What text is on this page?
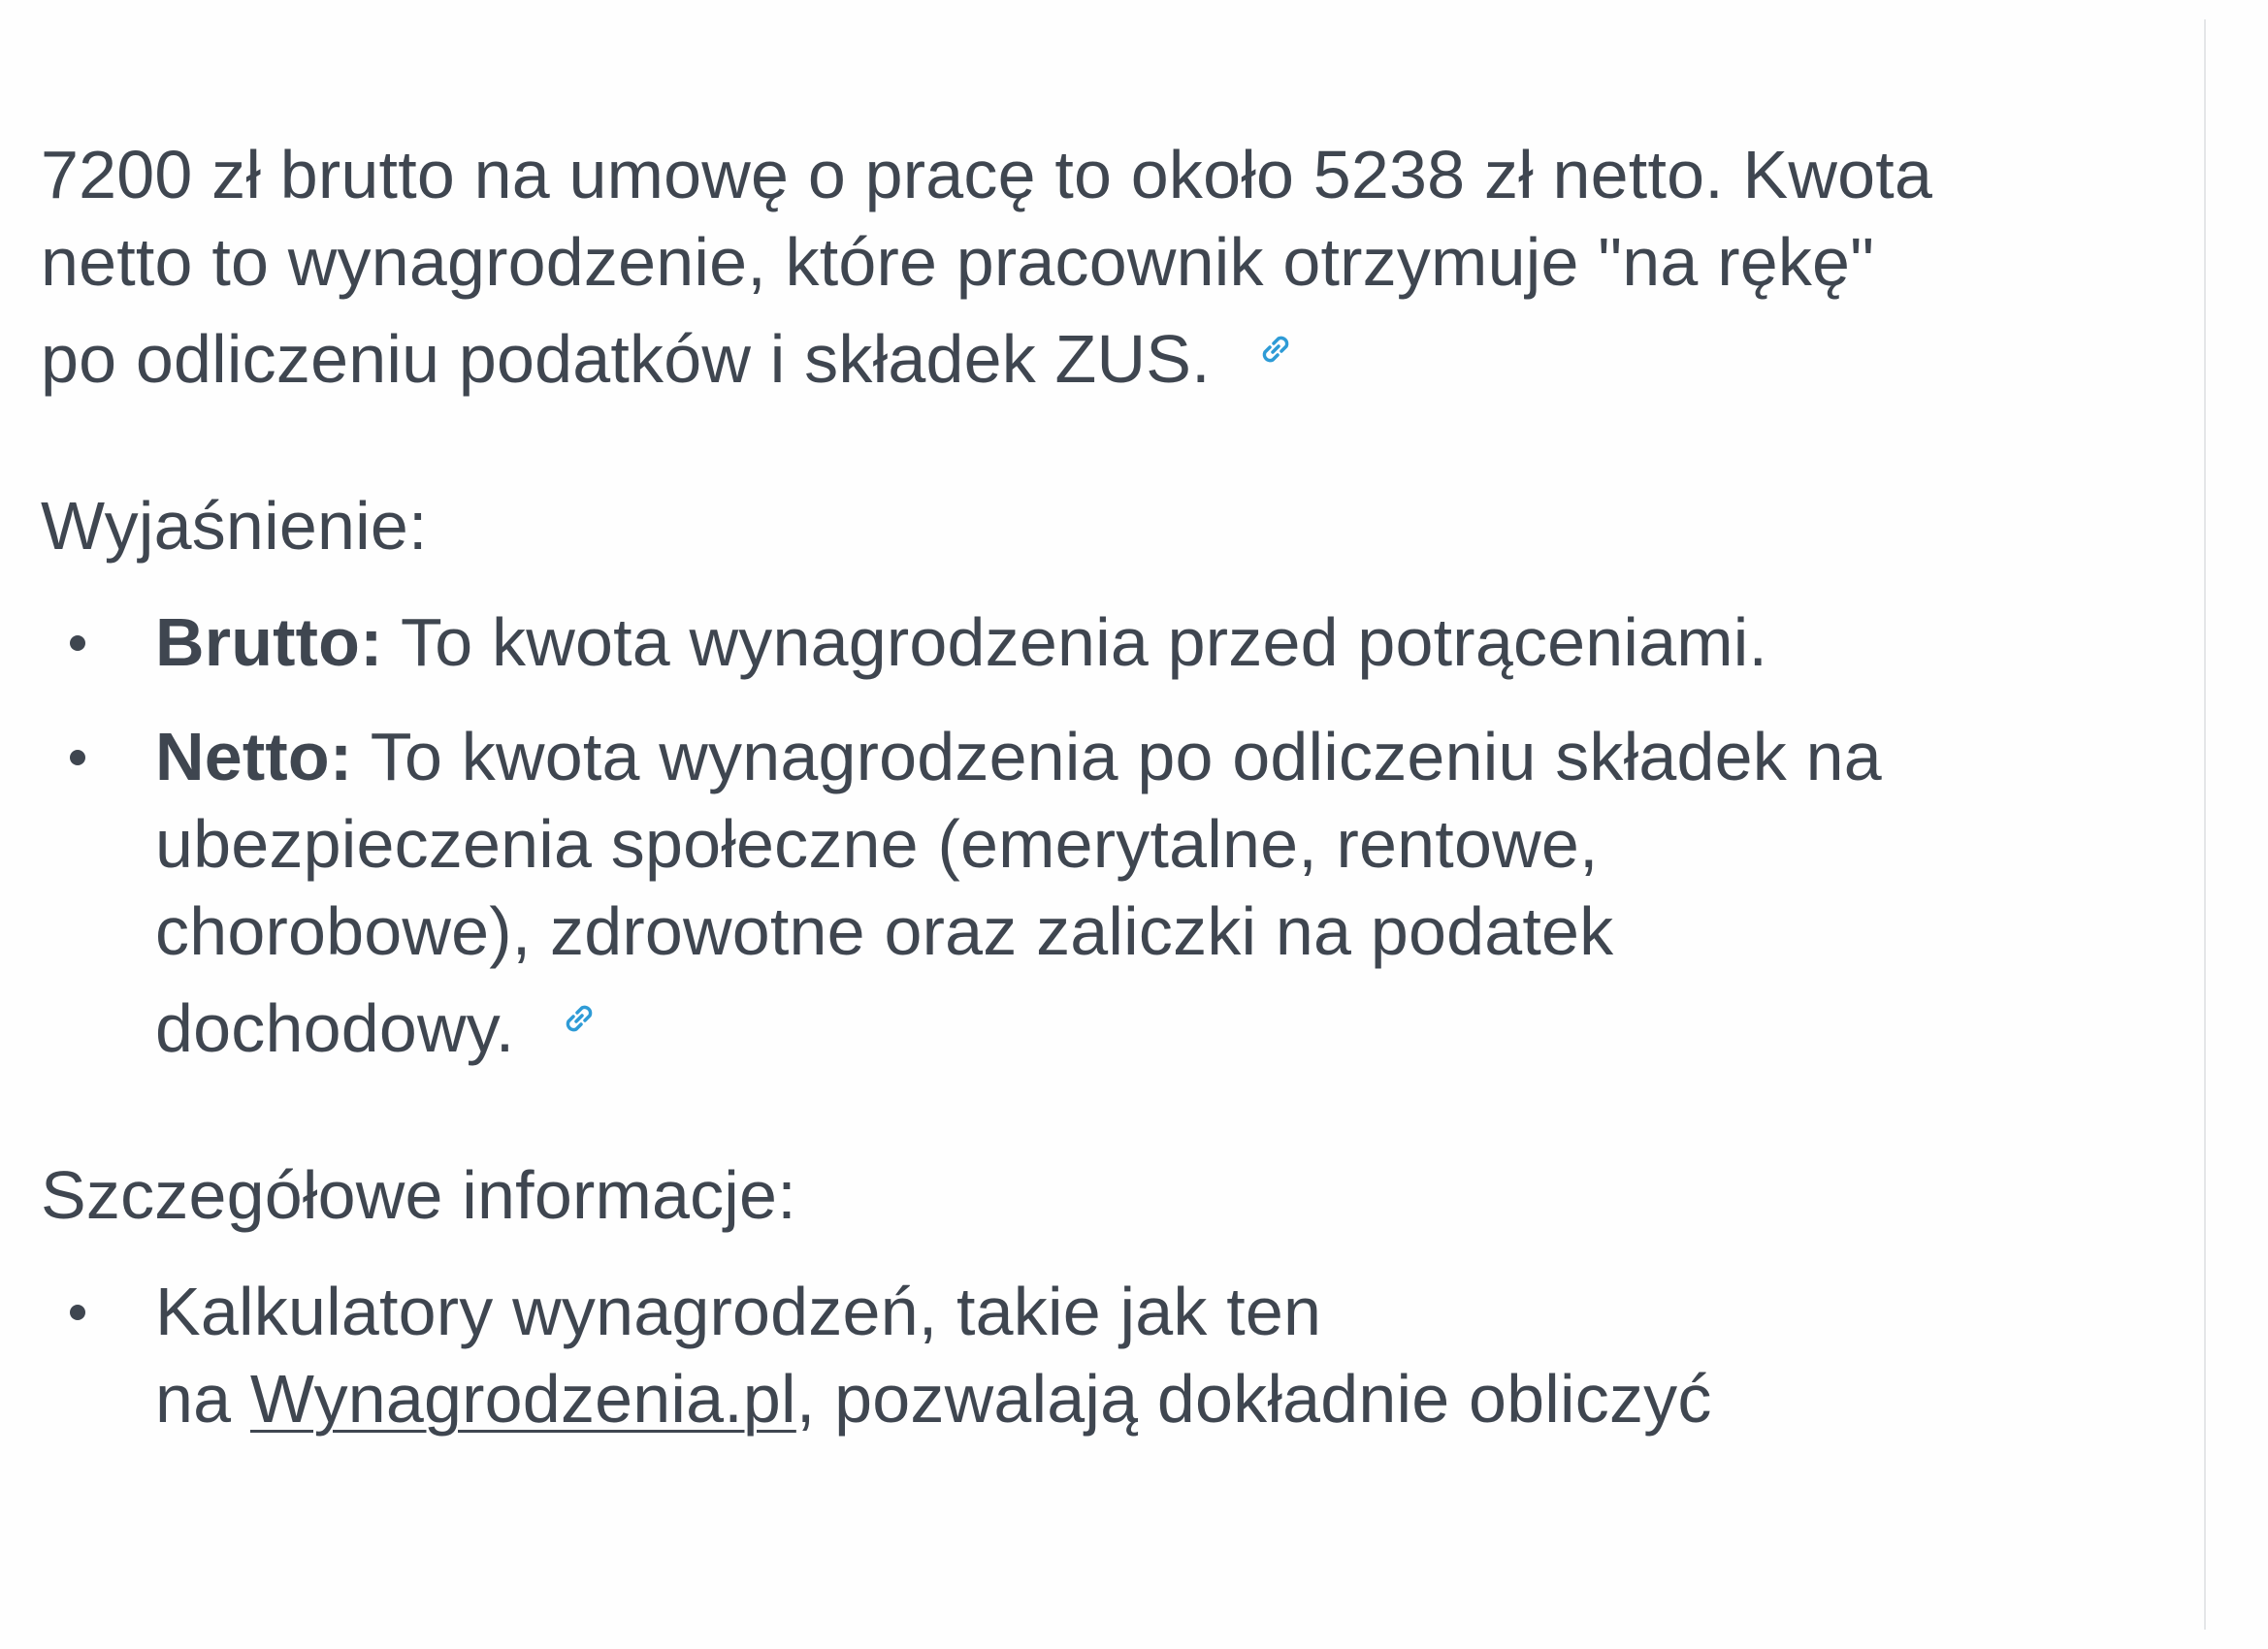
7200 zł brutto na umowę o pracę to około 5238 zł netto. Kwota
netto to wynagrodzenie, które pracownik otrzymuje "na rękę"
po odliczeniu podatków i składek ZUS.

Wyjaśnienie:

Brutto: To kwota wynagrodzenia przed potrąceniami.
Netto: To kwota wynagrodzenia po odliczeniu składek na
ubezpieczenia społeczne (emerytalne, rentowe,
chorobowe), zdrowotne oraz zaliczki na podatek
dochodowy.

Szczegółowe informacje:

Kalkulatory wynagrodzeń, takie jak ten
na Wynagrodzenia.pl, pozwalają dokładnie obliczyć
